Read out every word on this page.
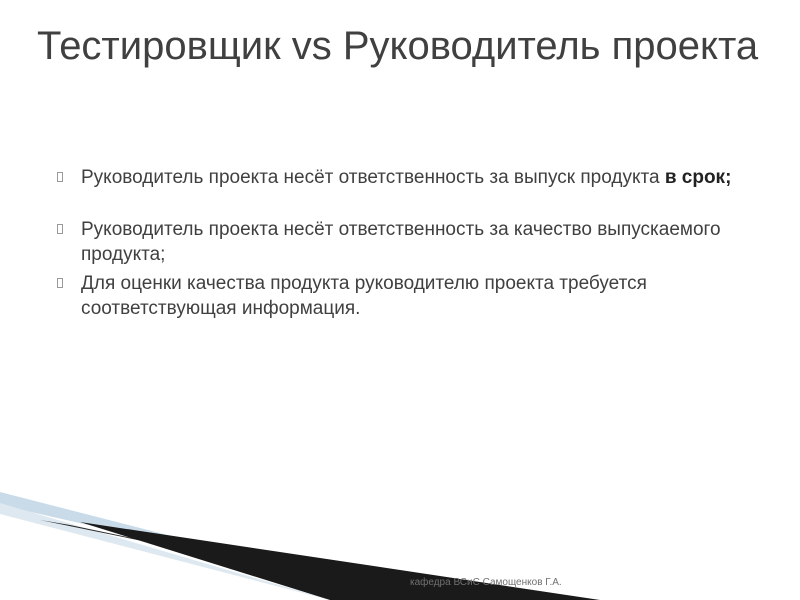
Тестировщик vs Руководитель проекта
Руководитель проекта несёт ответственность за выпуск продукта в срок;
Руководитель проекта несёт ответственность за качество выпускаемого продукта;
Для оценки качества продукта руководителю проекта требуется соответствующая информация.
кафедра ВСиС Самощенков Г.А.
